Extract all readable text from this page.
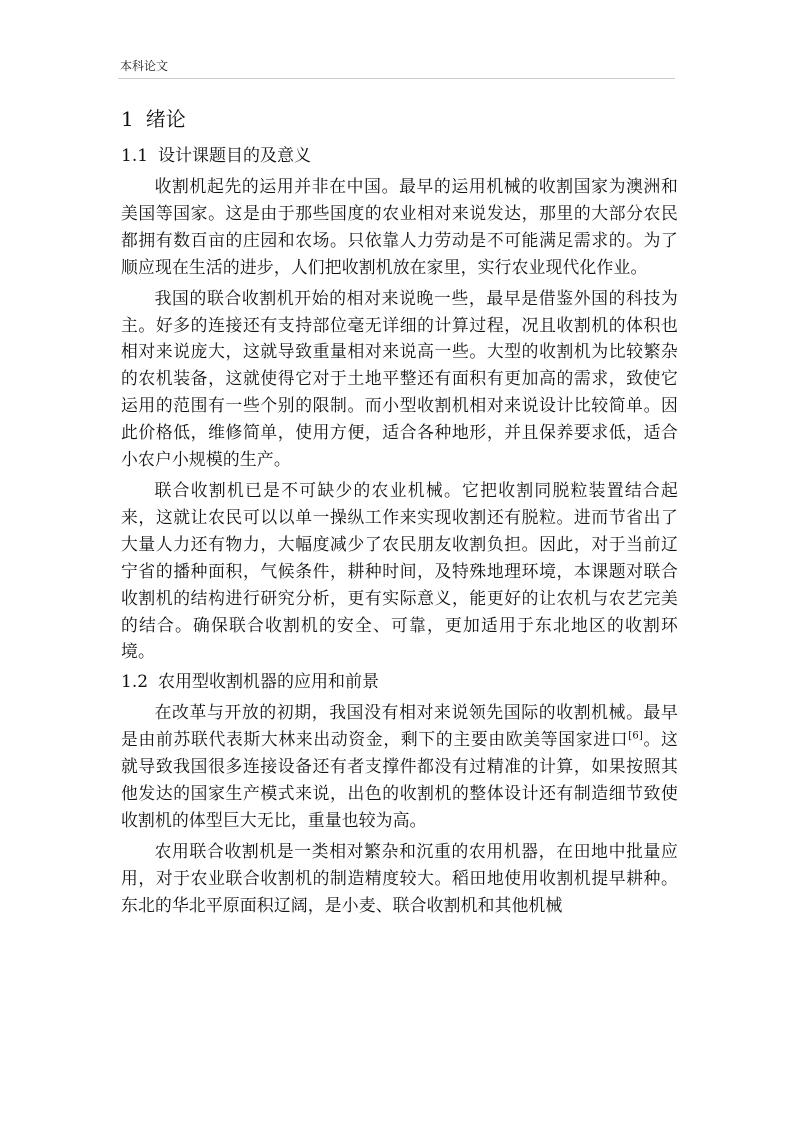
本科论文
1 绪论
1.1 设计课题目的及意义

收割机起先的运用并非在中国。最早的运用机械的收割国家为澳洲和美国等国家。这是由于那些国度的农业相对来说发达，那里的大部分农民都拥有数百亩的庄园和农场。只依靠人力劳动是不可能满足需求的。为了顺应现在生活的进步，人们把收割机放在家里，实行农业现代化作业。

我国的联合收割机开始的相对来说晚一些，最早是借鉴外国的科技为主。好多的连接还有支持部位毫无详细的计算过程，况且收割机的体积也相对来说庞大，这就导致重量相对来说高一些。大型的收割机为比较繁杂的农机装备，这就使得它对于土地平整还有面积有更加高的需求，致使它运用的范围有一些个别的限制。而小型收割机相对来说设计比较简单。因此价格低，维修简单，使用方便，适合各种地形，并且保养要求低，适合小农户小规模的生产。

联合收割机已是不可缺少的农业机械。它把收割同脱粒装置结合起来，这就让农民可以以单一操纵工作来实现收割还有脱粒。进而节省出了大量人力还有物力，大幅度减少了农民朋友收割负担。因此，对于当前辽宁省的播种面积，气候条件，耕种时间，及特殊地理环境，本课题对联合收割机的结构进行研究分析，更有实际意义，能更好的让农机与农艺完美的结合。确保联合收割机的安全、可靠，更加适用于东北地区的收割环境。

1.2 农用型收割机器的应用和前景

在改革与开放的初期，我国没有相对来说领先国际的收割机械。最早是由前苏联代表斯大林来出动资金，剩下的主要由欧美等国家进口[6]。这就导致我国很多连接设备还有者支撑件都没有过精准的计算，如果按照其他发达的国家生产模式来说，出色的收割机的整体设计还有制造细节致使收割机的体型巨大无比，重量也较为高。

农用联合收割机是一类相对繁杂和沉重的农用机器，在田地中批量应用，对于农业联合收割机的制造精度较大。稻田地使用收割机提早耕种。东北的华北平原面积辽阔，是小麦、联合收割机和其他机械
